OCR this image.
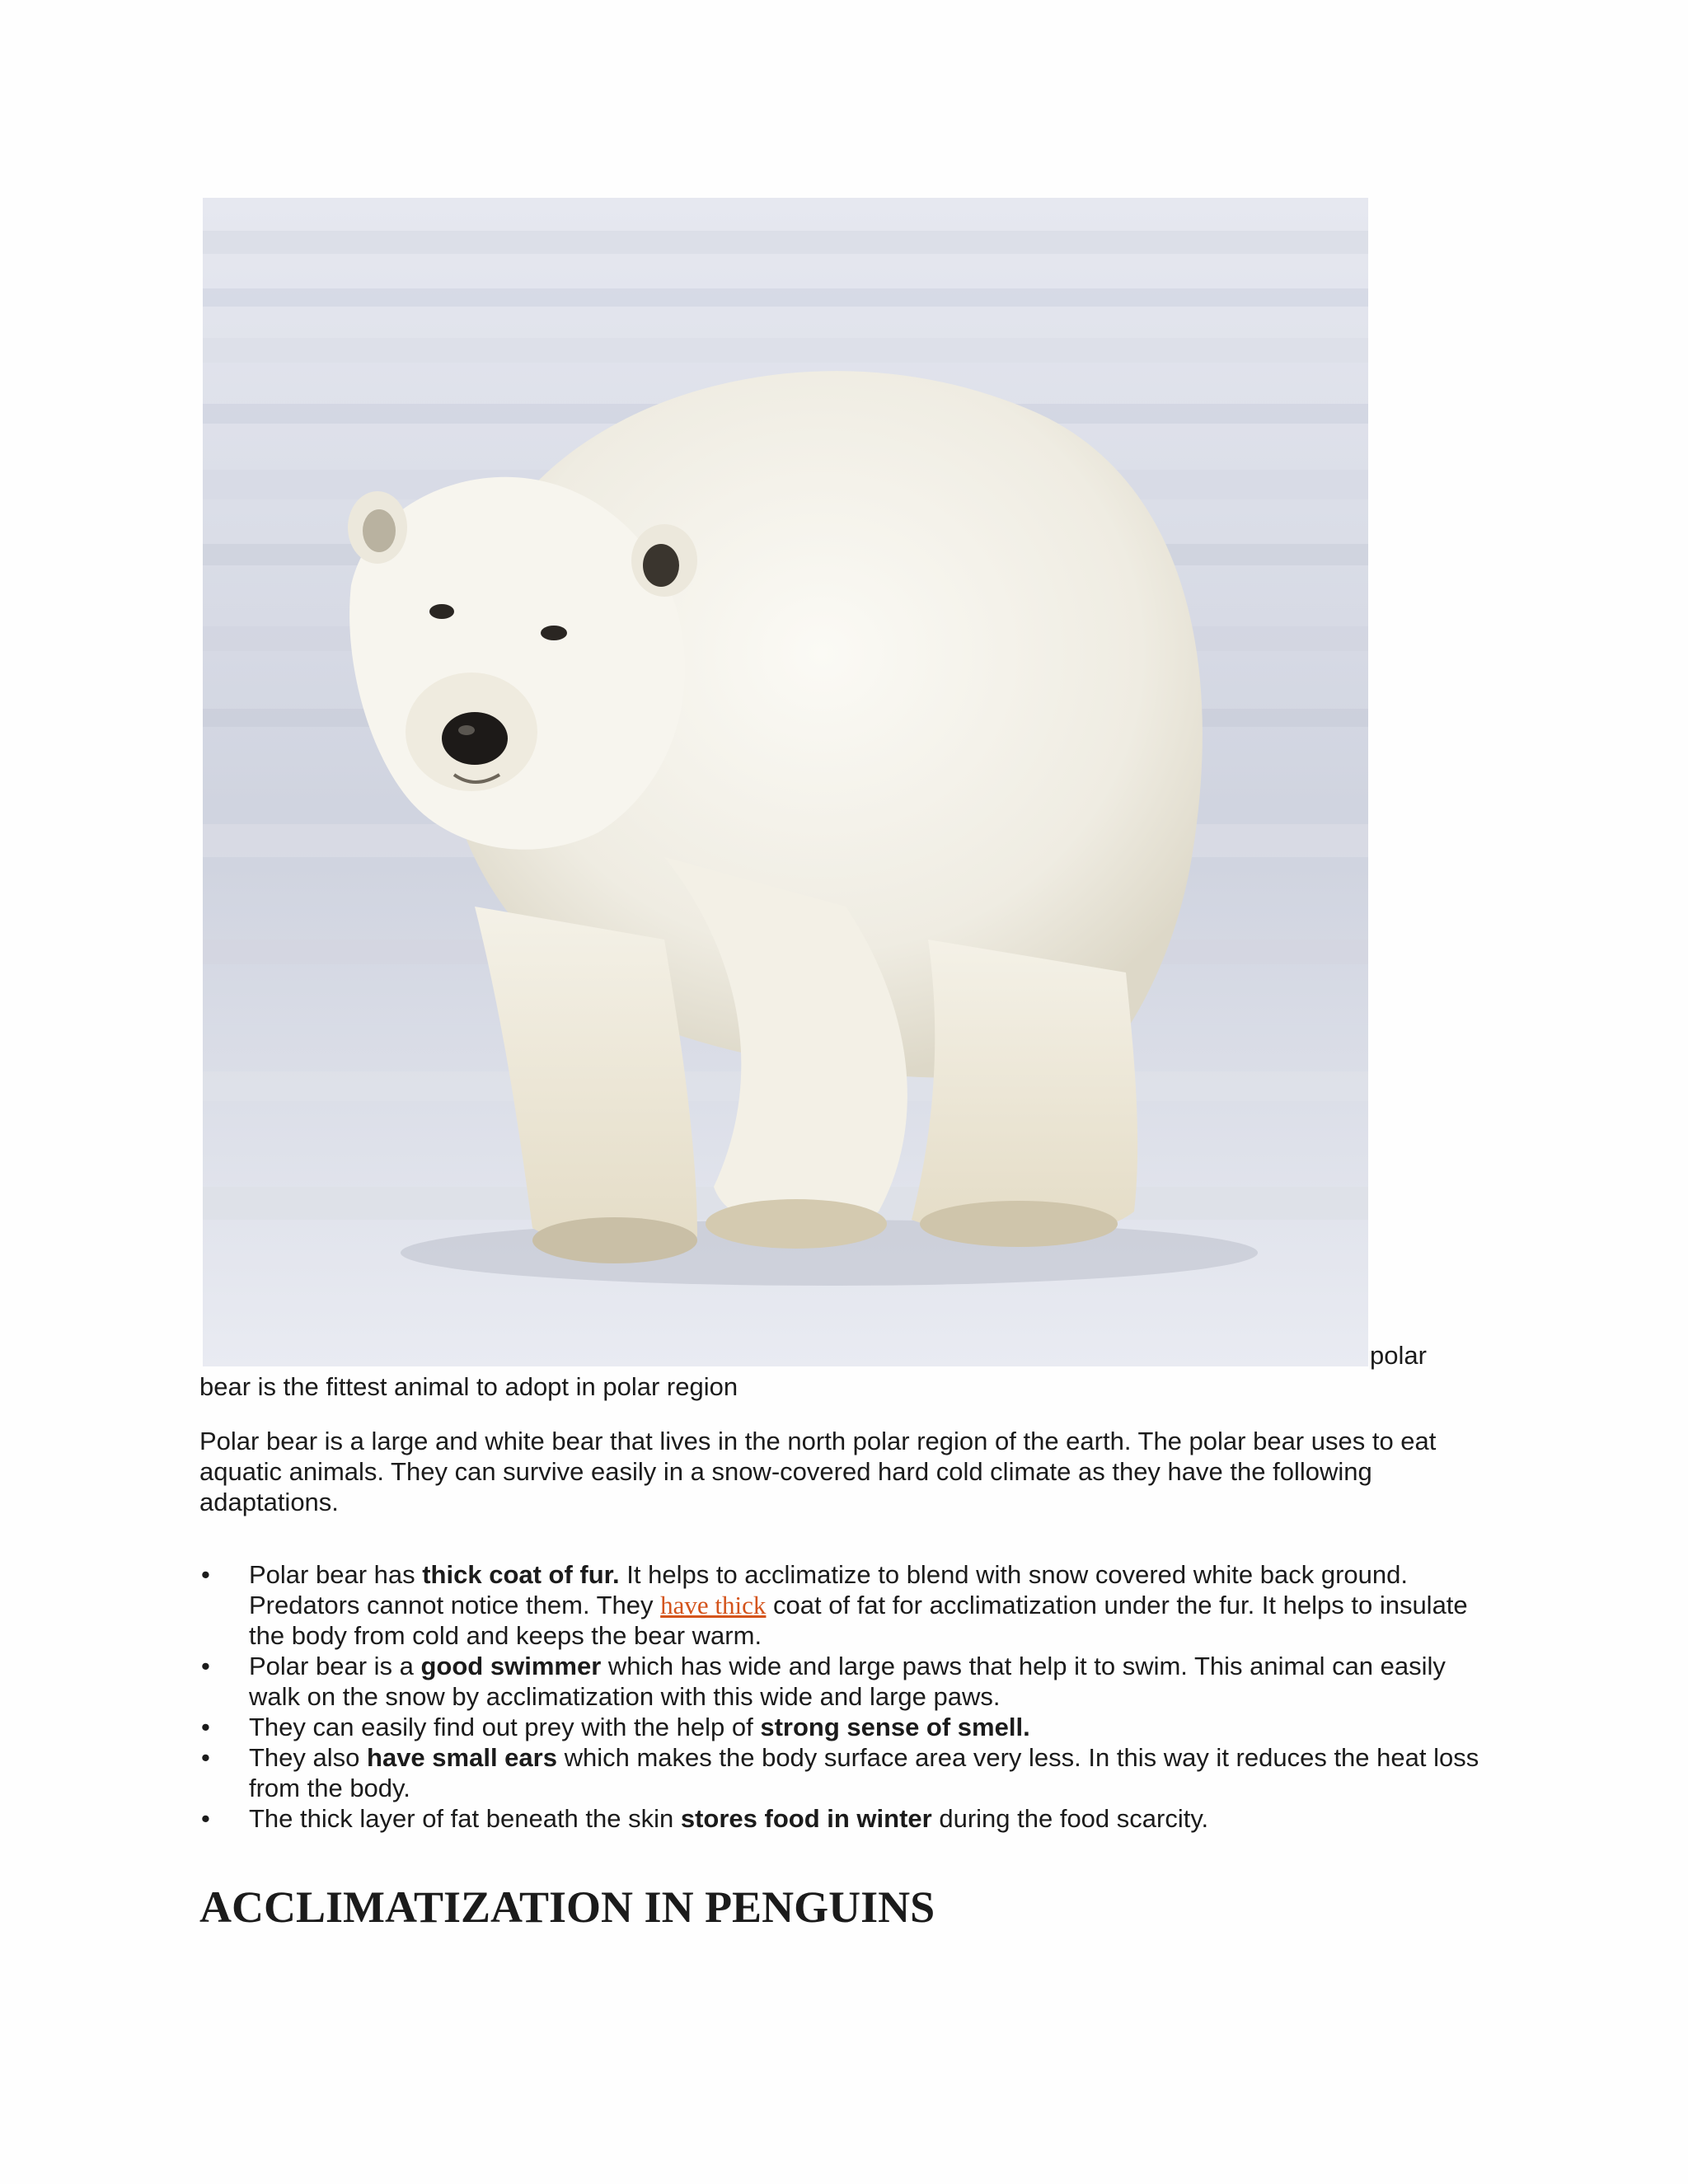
polar
bear is the fittest animal to adopt in polar region

Polar bear is a large and white bear that lives in the north polar region of the earth. The polar bear uses to eat aquatic animals. They can survive easily in a snow-covered hard cold climate as they have the following adaptations.

• Polar bear has thick coat of fur. It helps to acclimatize to blend with snow covered white back ground. Predators cannot notice them. They have thick coat of fat for acclimatization under the fur. It helps to insulate the body from cold and keeps the bear warm.
• Polar bear is a good swimmer which has wide and large paws that help it to swim. This animal can easily walk on the snow by acclimatization with this wide and large paws.
• They can easily find out prey with the help of strong sense of smell.
• They also have small ears which makes the body surface area very less. In this way it reduces the heat loss from the body.
• The thick layer of fat beneath the skin stores food in winter during the food scarcity.
ACCLIMATIZATION IN PENGUINS
